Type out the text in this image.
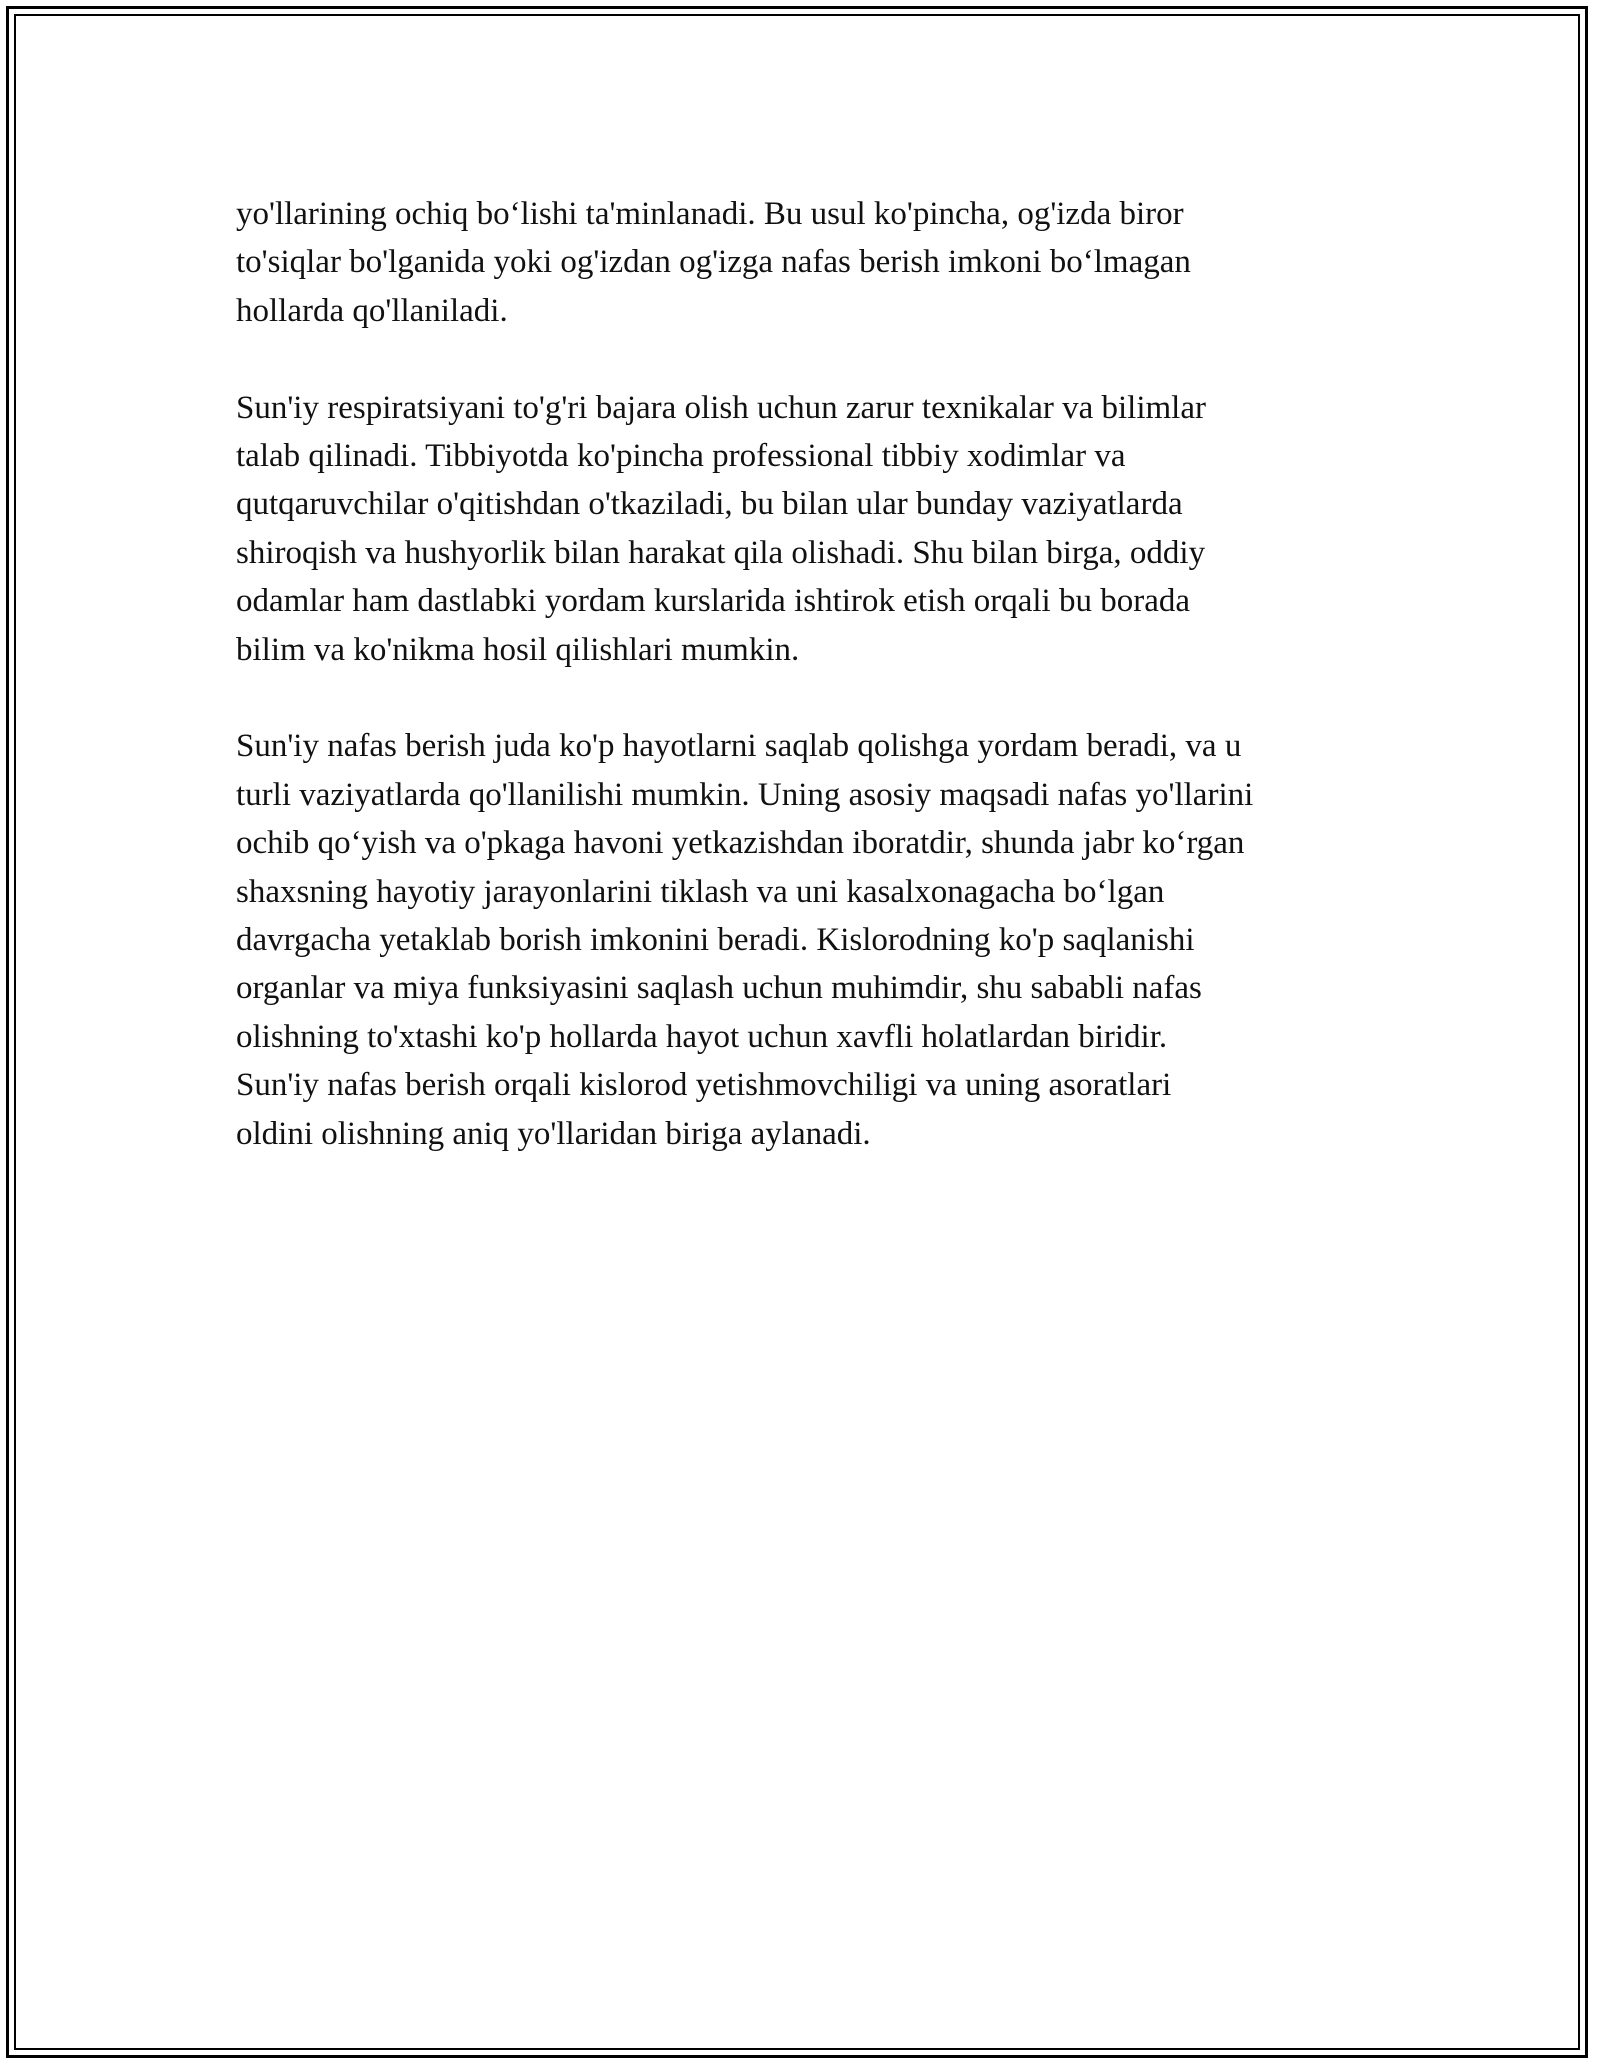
yo'llarining ochiq bo‘lishi ta'minlanadi. Bu usul ko'pincha, og'izda biror
to'siqlar bo'lganida yoki og'izdan og'izga nafas berish imkoni bo‘lmagan
hollarda qo'llaniladi.
Sun'iy respiratsiyani to'g'ri bajara olish uchun zarur texnikalar va bilimlar
talab qilinadi. Tibbiyotda ko'pincha professional tibbiy xodimlar va
qutqaruvchilar o'qitishdan o'tkaziladi, bu bilan ular bunday vaziyatlarda
shiroqish va hushyorlik bilan harakat qila olishadi. Shu bilan birga, oddiy
odamlar ham dastlabki yordam kurslarida ishtirok etish orqali bu borada
bilim va ko'nikma hosil qilishlari mumkin.
Sun'iy nafas berish juda ko'p hayotlarni saqlab qolishga yordam beradi, va u
turli vaziyatlarda qo'llanilishi mumkin. Uning asosiy maqsadi nafas yo'llarini
ochib qo‘yish va o'pkaga havoni yetkazishdan iboratdir, shunda jabr ko‘rgan
shaxsning hayotiy jarayonlarini tiklash va uni kasalxonagacha bo‘lgan
davrgacha yetaklab borish imkonini beradi. Kislorodning ko'p saqlanishi
organlar va miya funksiyasini saqlash uchun muhimdir, shu sababli nafas
olishning to'xtashi ko'p hollarda hayot uchun xavfli holatlardan biridir.
Sun'iy nafas berish orqali kislorod yetishmovchiligi va uning asoratlari
oldini olishning aniq yo'llaridan biriga aylanadi.
